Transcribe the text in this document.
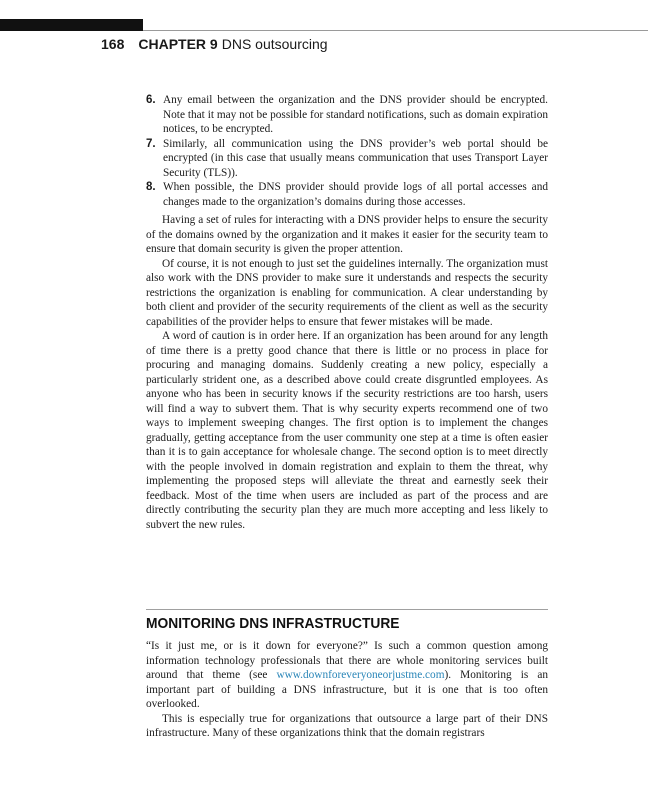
168 CHAPTER 9 DNS outsourcing
6. Any email between the organization and the DNS provider should be encrypted. Note that it may not be possible for standard notifications, such as domain expiration notices, to be encrypted.
7. Similarly, all communication using the DNS provider’s web portal should be encrypted (in this case that usually means communication that uses Transport Layer Security (TLS)).
8. When possible, the DNS provider should provide logs of all portal accesses and changes made to the organization’s domains during those accesses.

Having a set of rules for interacting with a DNS provider helps to ensure the security of the domains owned by the organization and it makes it easier for the security team to ensure that domain security is given the proper attention.

Of course, it is not enough to just set the guidelines internally. The organization must also work with the DNS provider to make sure it understands and respects the security restrictions the organization is enabling for communication. A clear understanding by both client and provider of the security requirements of the client as well as the security capabilities of the provider helps to ensure that fewer mistakes will be made.

A word of caution is in order here. If an organization has been around for any length of time there is a pretty good chance that there is little or no process in place for procuring and managing domains. Suddenly creating a new policy, especially a particularly strident one, as a described above could create disgruntled employees. As anyone who has been in security knows if the security restrictions are too harsh, users will find a way to subvert them. That is why security experts recommend one of two ways to implement sweeping changes. The first option is to implement the changes gradually, getting acceptance from the user community one step at a time is often easier than it is to gain acceptance for wholesale change. The second option is to meet directly with the people involved in domain registration and explain to them the threat, why implementing the proposed steps will alleviate the threat and earnestly seek their feedback. Most of the time when users are included as part of the process and are directly contributing the security plan they are much more accepting and less likely to subvert the new rules.

MONITORING DNS INFRASTRUCTURE

“Is it just me, or is it down for everyone?” Is such a common question among information technology professionals that there are whole monitoring services built around that theme (see www.downforeveryoneorjustme.com). Monitoring is an important part of building a DNS infrastructure, but it is one that is too often overlooked.

This is especially true for organizations that outsource a large part of their DNS infrastructure. Many of these organizations think that the domain registrars
